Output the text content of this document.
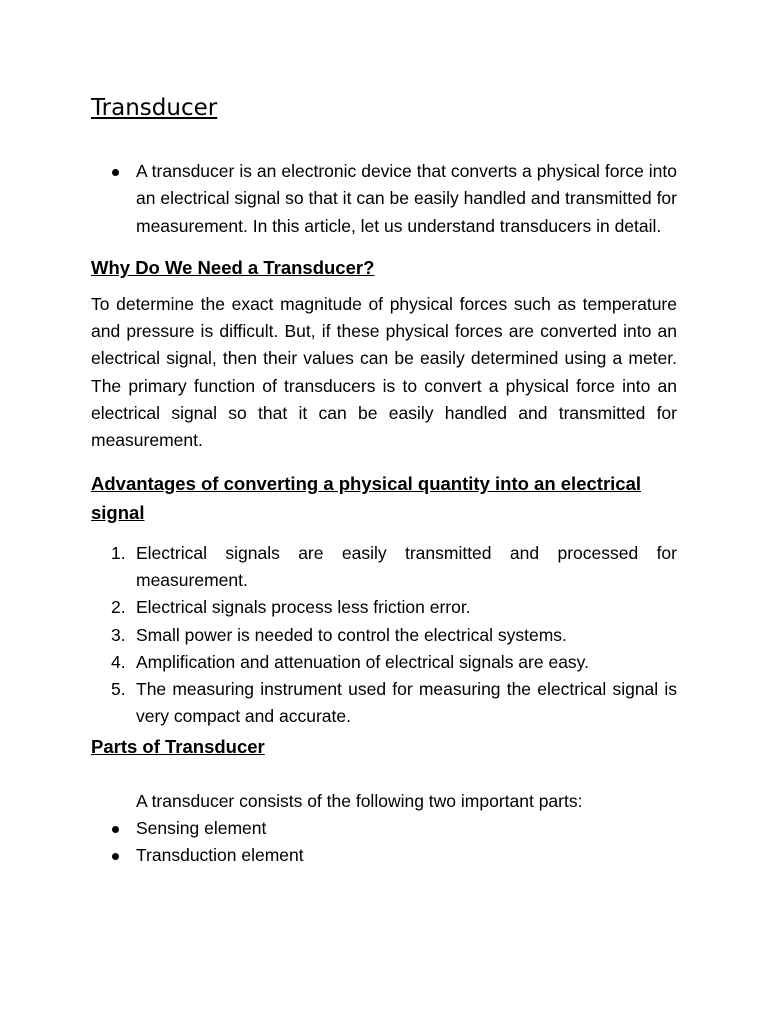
Transducer
A transducer is an electronic device that converts a physical force into an electrical signal so that it can be easily handled and transmitted for measurement. In this article, let us understand transducers in detail.
Why Do We Need a Transducer?

To determine the exact magnitude of physical forces such as temperature and pressure is difficult. But, if these physical forces are converted into an electrical signal, then their values can be easily determined using a meter. The primary function of transducers is to convert a physical force into an electrical signal so that it can be easily handled and transmitted for measurement.

Advantages of converting a physical quantity into an electrical signal
1. Electrical signals are easily transmitted and processed for measurement.
2. Electrical signals process less friction error.
3. Small power is needed to control the electrical systems.
4. Amplification and attenuation of electrical signals are easy.
5. The measuring instrument used for measuring the electrical signal is very compact and accurate.
Parts of Transducer

A transducer consists of the following two important parts:

Sensing element
Transduction element
